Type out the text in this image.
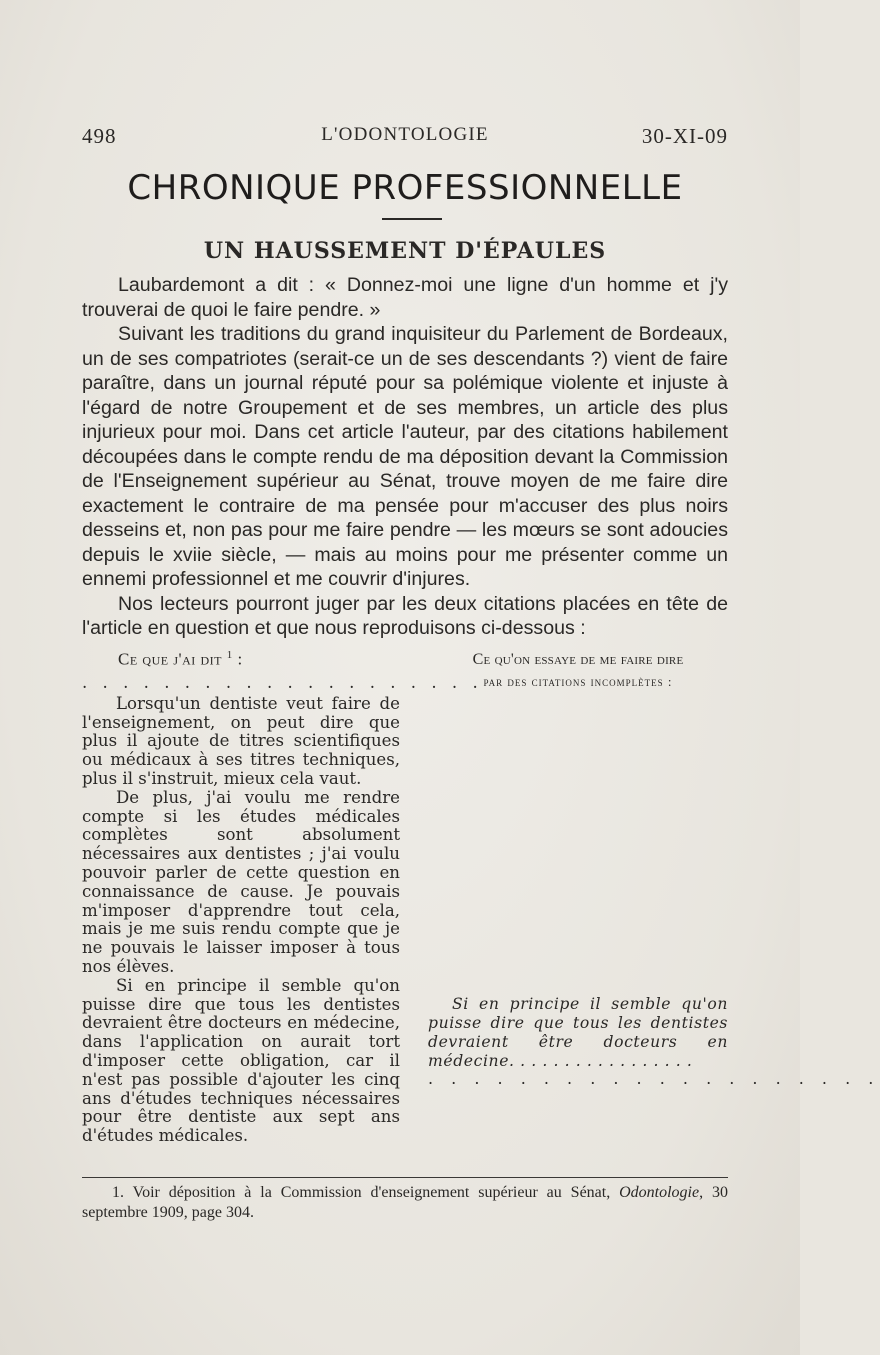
498	L'ODONTOLOGIE	30-XI-09
CHRONIQUE PROFESSIONNELLE
UN HAUSSEMENT D'ÉPAULES

Laubardemont a dit : « Donnez-moi une ligne d'un homme et j'y trouverai de quoi le faire pendre. »

Suivant les traditions du grand inquisiteur du Parlement de Bordeaux, un de ses compatriotes (serait-ce un de ses descendants ?) vient de faire paraître, dans un journal réputé pour sa polémique violente et injuste à l'égard de notre Groupement et de ses membres, un article des plus injurieux pour moi. Dans cet article l'auteur, par des citations habilement découpées dans le compte rendu de ma déposition devant la Commission de l'Enseignement supérieur au Sénat, trouve moyen de me faire dire exactement le contraire de ma pensée pour m'accuser des plus noirs desseins et, non pas pour me faire pendre — les mœurs se sont adoucies depuis le xviie siècle, — mais au moins pour me présenter comme un ennemi professionnel et me couvrir d'injures.

Nos lecteurs pourront juger par les deux citations placées en tête de l'article en question et que nous reproduisons ci-dessous :

Ce que j'ai dit $^1$ :	Ce qu'on essaye de me faire dire
par des citations incomplètes :

. . . . . . . . . . . . . . . . . . . .

Lorsqu'un dentiste veut faire de l'enseignement, on peut dire que plus il ajoute de titres scientifiques ou médicaux à ses titres techniques, plus il s'instruit, mieux cela vaut.

De plus, j'ai voulu me rendre compte si les études médicales complètes sont absolument nécessaires aux dentistes ; j'ai voulu pouvoir parler de cette question en connaissance de cause. Je pouvais m'imposer d'apprendre tout cela, mais je me suis rendu compte que je ne pouvais le laisser imposer à tous nos élèves.

Si en principe il semble qu'on puisse dire que tous les dentistes devraient être docteurs en médecine, dans l'application on aurait tort d'imposer cette obligation, car il n'est pas possible d'ajouter les cinq ans d'études techniques nécessaires pour être dentiste aux sept ans d'études médicales.

Si en principe il semble qu'on puisse dire que tous les dentistes devraient être docteurs en médecine. . . . . . . . . . . . . . . . .

. . . . . . . . . . . . . . . . . . . .
1. Voir déposition à la Commission d'enseignement supérieur au Sénat, Odontologie, 30 septembre 1909, page 304.
